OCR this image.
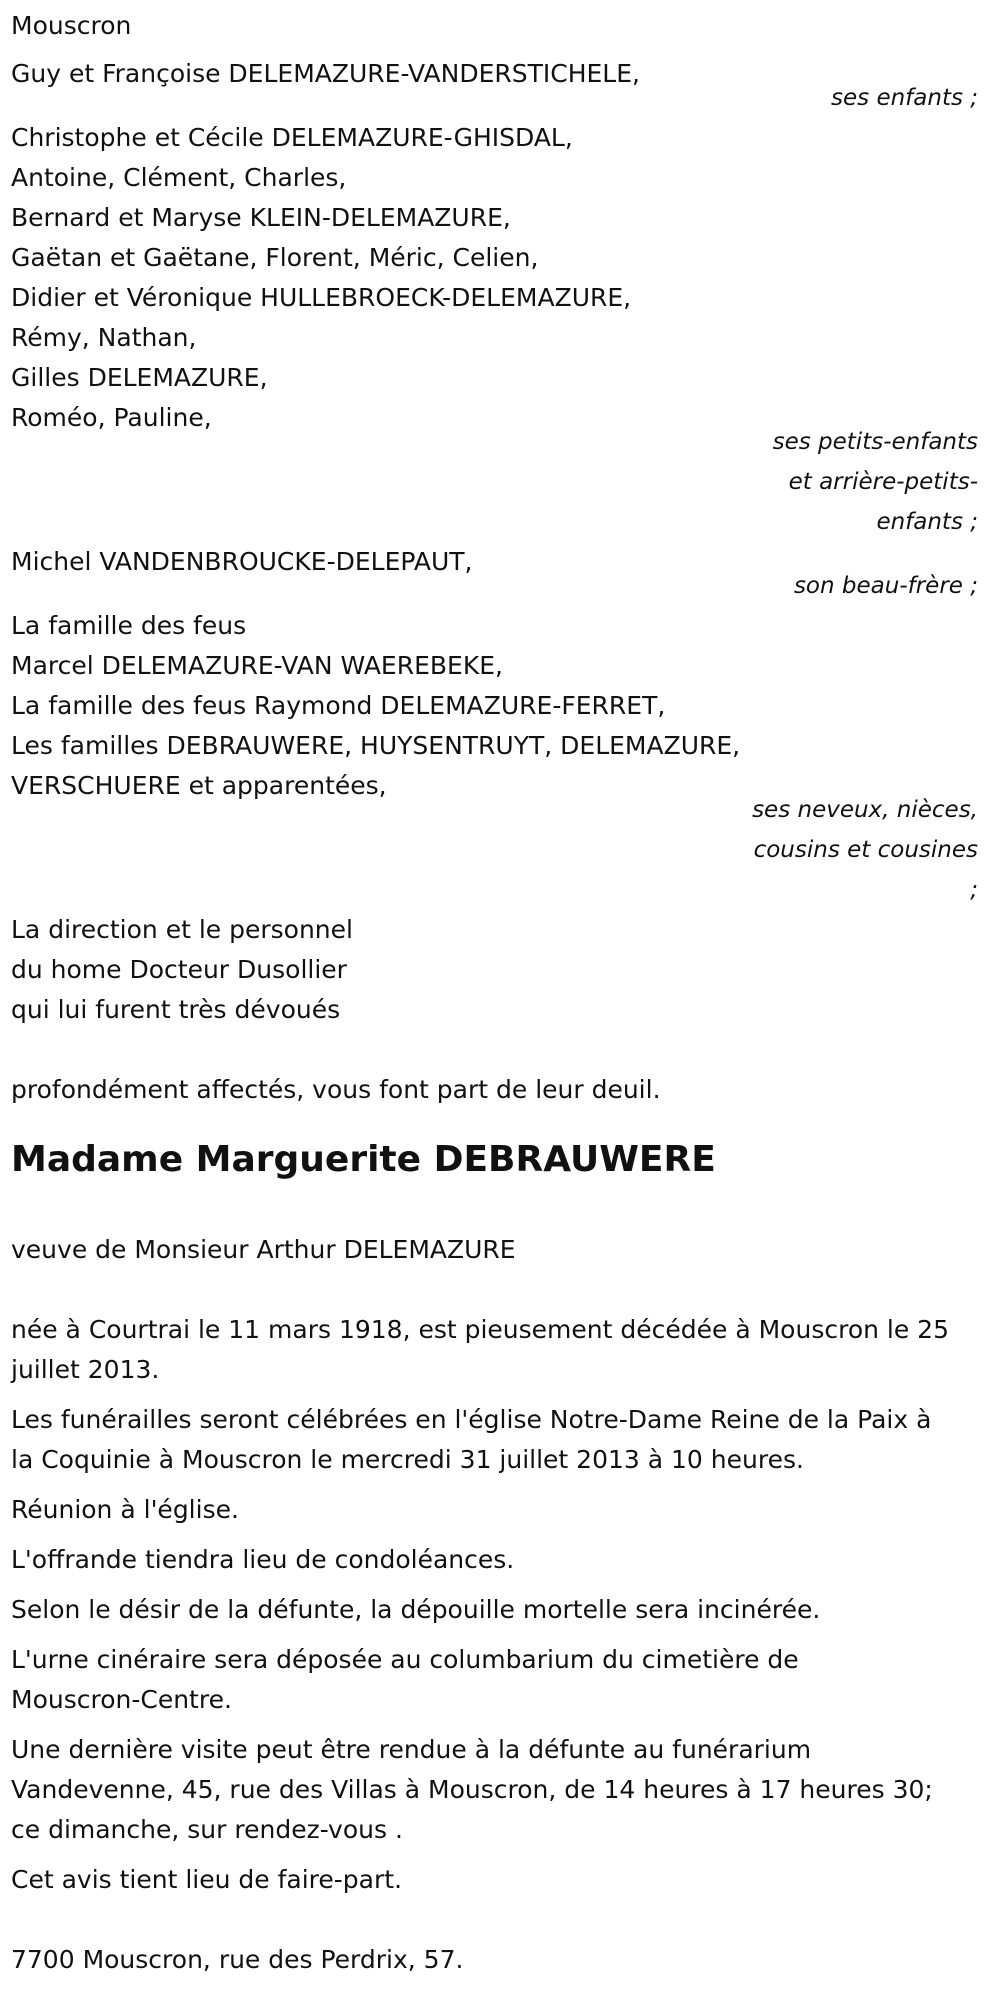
Mouscron
Guy et Françoise DELEMAZURE-VANDERSTICHELE,
ses enfants ;
Christophe et Cécile DELEMAZURE-GHISDAL,
Antoine, Clément, Charles,
Bernard et Maryse KLEIN-DELEMAZURE,
Gaëtan et Gaëtane, Florent, Méric, Celien,
Didier et Véronique HULLEBROECK-DELEMAZURE,
Rémy, Nathan,
Gilles DELEMAZURE,
Roméo, Pauline,
ses petits-enfants
et arrière-petits-
enfants ;
Michel VANDENBROUCKE-DELEPAUT,
son beau-frère ;
La famille des feus
Marcel DELEMAZURE-VAN WAEREBEKE,
La famille des feus Raymond DELEMAZURE-FERRET,
Les familles DEBRAUWERE, HUYSENTRUYT, DELEMAZURE,
VERSCHUERE et apparentées,
ses neveux, nièces,
cousins et cousines
;
La direction et le personnel
du home Docteur Dusollier
qui lui furent très dévoués
profondément affectés, vous font part de leur deuil.
Madame Marguerite DEBRAUWERE
veuve de Monsieur Arthur DELEMAZURE
née à Courtrai le 11 mars 1918, est pieusement décédée à Mouscron le 25
juillet 2013.
Les funérailles seront célébrées en l'église Notre-Dame Reine de la Paix à
la Coquinie à Mouscron le mercredi 31 juillet 2013 à 10 heures.
Réunion à l'église.
L'offrande tiendra lieu de condoléances.
Selon le désir de la défunte, la dépouille mortelle sera incinérée.
L'urne cinéraire sera déposée au columbarium du cimetière de
Mouscron-Centre.
Une dernière visite peut être rendue à la défunte au funérarium
Vandevenne, 45, rue des Villas à Mouscron, de 14 heures à 17 heures 30;
ce dimanche, sur rendez-vous .
Cet avis tient lieu de faire-part.
7700 Mouscron, rue des Perdrix, 57.
